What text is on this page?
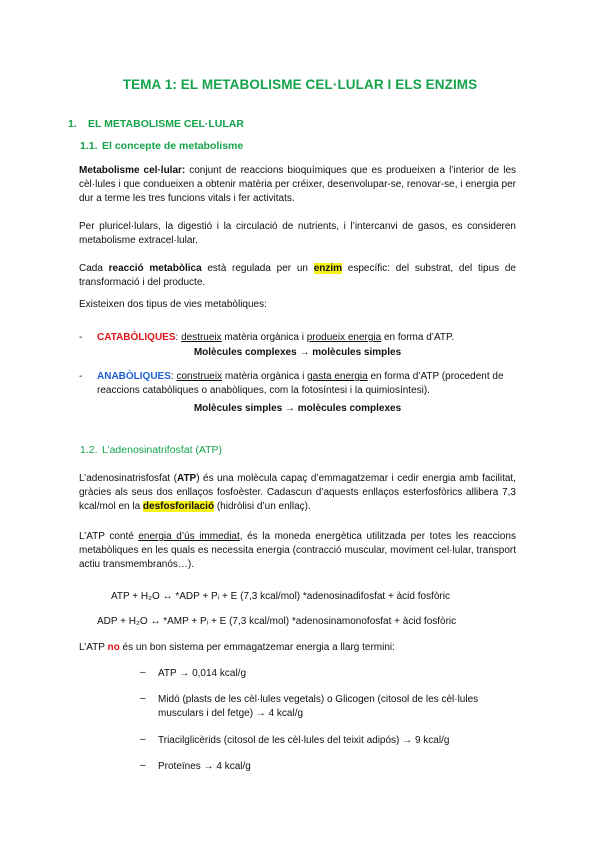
TEMA 1: EL METABOLISME CEL·LULAR I ELS ENZIMS
1. EL METABOLISME CEL·LULAR
1.1. El concepte de metabolisme

Metabolisme cel·lular: conjunt de reaccions bioquímiques que es produeixen a l’interior de les cèl·lules i que condueixen a obtenir matèria per créixer, desenvolupar-se, renovar-se, i energia per dur a terme les tres funcions vitals i fer activitats.

Per pluricel·lulars, la digestió i la circulació de nutrients, i l’intercanvi de gasos, es consideren metabolisme extracel·lular.

Cada reacció metabòlica està regulada per un enzim específic: del substrat, del tipus de transformació i del producte.

Existeixen dos tipus de vies metabòliques:

- CATABÒLIQUES: destrueix matèria orgànica i produeix energia en forma d’ATP.

Molècules complexes → molècules simples
- ANABÒLIQUES: construeix matèria orgànica i gasta energia en forma d’ATP (procedent de reaccions catabòliques o anabòliques, com la fotosíntesi i la quimiosíntesi).

Molècules simples → molècules complexes
1.2. L’adenosinatrifosfat (ATP)

L’adenosinatrisfosfat (ATP) és una molècula capaç d’emmagatzemar i cedir energia amb facilitat, gràcies als seus dos enllaços fosfoèster. Cadascun d’aquests enllaços esterfosfòrics allibera 7,3 kcal/mol en la desfosforilació (hidròlisi d’un enllaç).

L’ATP conté energia d’ús immediat, és la moneda energètica utilitzada per totes les reaccions metabòliques en les quals es necessita energia (contracció muscular, moviment cel·lular, transport actiu transmembranós…).

ATP + H₂O ↔ *ADP + Pᵢ + E (7,3 kcal/mol) *adenosinadifosfat + àcid fosfòric
ADP + H₂O ↔ *AMP + Pᵢ + E (7,3 kcal/mol) *adenosinamonofosfat + àcid fosfòric

L’ATP no és un bon sistema per emmagatzemar energia a llarg termini:

– ATP → 0,014 kcal/g

– Midó (plasts de les cèl·lules vegetals) o Glicogen (citosol de les cèl·lules musculars i del fetge) → 4 kcal/g

– Triacilglicèrids (citosol de les cèl·lules del teixit adipós) → 9 kcal/g

– Proteïnes → 4 kcal/g
